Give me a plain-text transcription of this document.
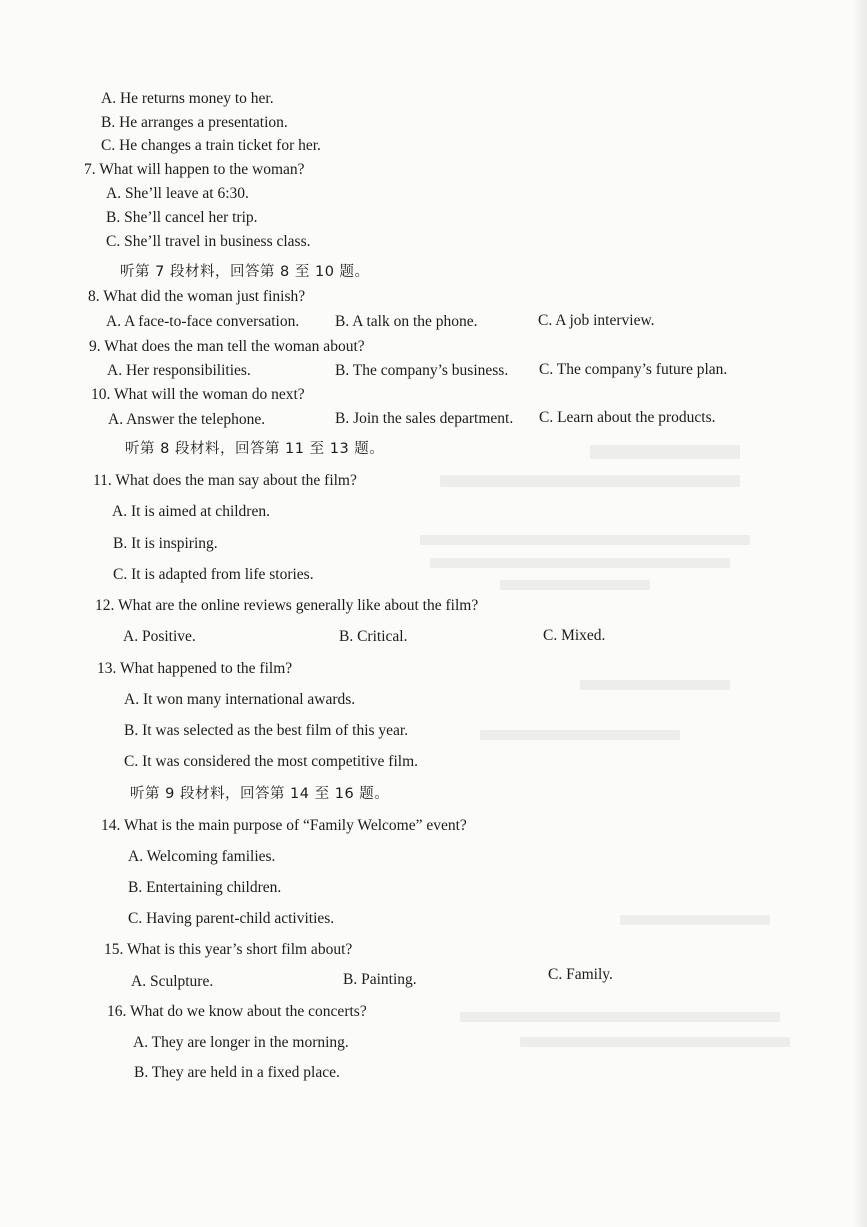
A. He returns money to her.
B. He arranges a presentation.
C. He changes a train ticket for her.
7. What will happen to the woman?
A. She’ll leave at 6:30.
B. She’ll cancel her trip.
C. She’ll travel in business class.
听第 7 段材料，回答第 8 至 10 题。
8. What did the woman just finish?
A. A face-to-face conversation. B. A talk on the phone.	C. A job interview.
9. What does the man tell the woman about?
A. Her responsibilities.	B. The company’s business. C. The company’s future plan.
10. What will the woman do next?
A. Answer the telephone.	B. Join the sales department. C. Learn about the products.
听第 8 段材料，回答第 11 至 13 题。
11. What does the man say about the film?
A. It is aimed at children.
B. It is inspiring.
C. It is adapted from life stories.
12. What are the online reviews generally like about the film?
A. Positive.	B. Critical.	C. Mixed.
13. What happened to the film?
A. It won many international awards.
B. It was selected as the best film of this year.
C. It was considered the most competitive film.
听第 9 段材料，回答第 14 至 16 题。
14. What is the main purpose of “Family Welcome” event?
A. Welcoming families.
B. Entertaining children.
C. Having parent-child activities.
15. What is this year’s short film about?
A. Sculpture.	B. Painting.	C. Family.
16. What do we know about the concerts?
A. They are longer in the morning.
B. They are held in a fixed place.
